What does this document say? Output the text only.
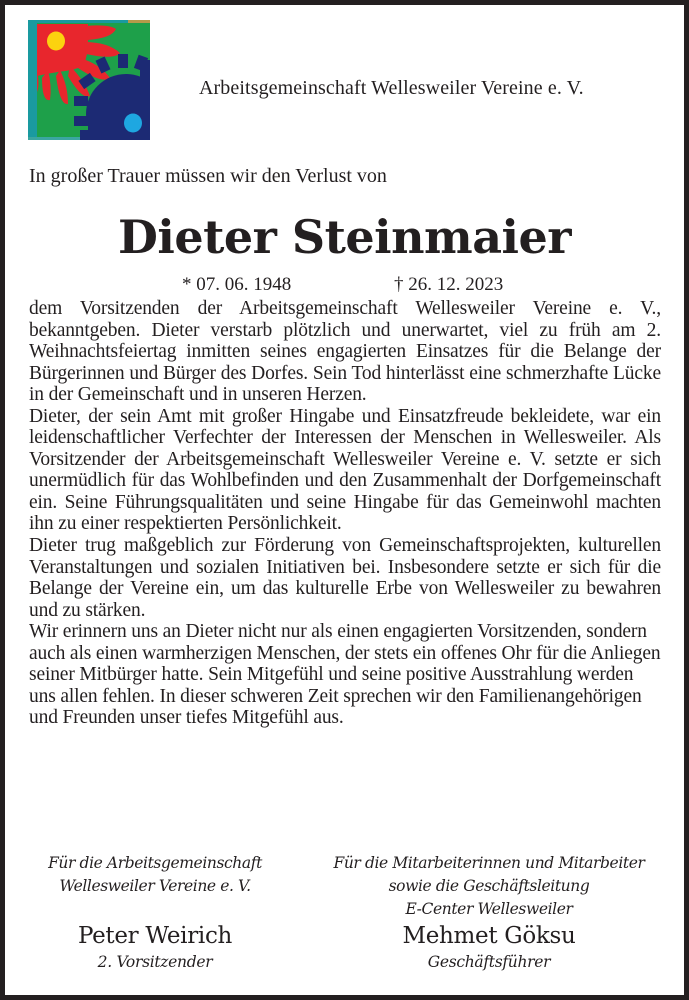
Arbeitsgemeinschaft Wellesweiler Vereine e. V.
In großer Trauer müssen wir den Verlust von
Dieter Steinmaier
* 07. 06. 1948	† 26. 12. 2023

dem Vorsitzenden der Arbeitsgemeinschaft Wellesweiler Vereine e. V., bekanntgeben. Dieter verstarb plötzlich und unerwartet, viel zu früh am 2. Weihnachtsfeiertag inmitten seines engagierten Einsatzes für die Belange der Bürgerinnen und Bürger des Dorfes. Sein Tod hinterlässt eine schmerzhafte Lücke in der Gemeinschaft und in unseren Herzen.

Dieter, der sein Amt mit großer Hingabe und Einsatzfreude bekleidete, war ein leidenschaftlicher Verfechter der Interessen der Menschen in Wellesweiler. Als Vorsitzender der Arbeitsgemeinschaft Wellesweiler Vereine e. V. setzte er sich unermüdlich für das Wohlbefinden und den Zusammenhalt der Dorfgemeinschaft ein. Seine Führungsqualitäten und seine Hingabe für das Gemeinwohl machten ihn zu einer respektierten Persönlichkeit.

Dieter trug maßgeblich zur Förderung von Gemeinschaftsprojekten, kulturellen Veranstaltungen und sozialen Initiativen bei. Insbesondere setzte er sich für die Belange der Vereine ein, um das kulturelle Erbe von Wellesweiler zu bewahren und zu stärken.

Wir erinnern uns an Dieter nicht nur als einen engagierten Vorsitzenden, sondern auch als einen warmherzigen Menschen, der stets ein offenes Ohr für die Anliegen seiner Mitbürger hatte. Sein Mitgefühl und seine positive Ausstrahlung werden uns allen fehlen. In dieser schweren Zeit sprechen wir den Familienangehörigen und Freunden unser tiefes Mitgefühl aus.

Für die Arbeitsgemeinschaft
Wellesweiler Vereine e. V.
Peter Weirich
2. Vorsitzender
Für die Mitarbeiterinnen und Mitarbeiter
sowie die Geschäftsleitung
E-Center Wellesweiler
Mehmet Göksu
Geschäftsführer
